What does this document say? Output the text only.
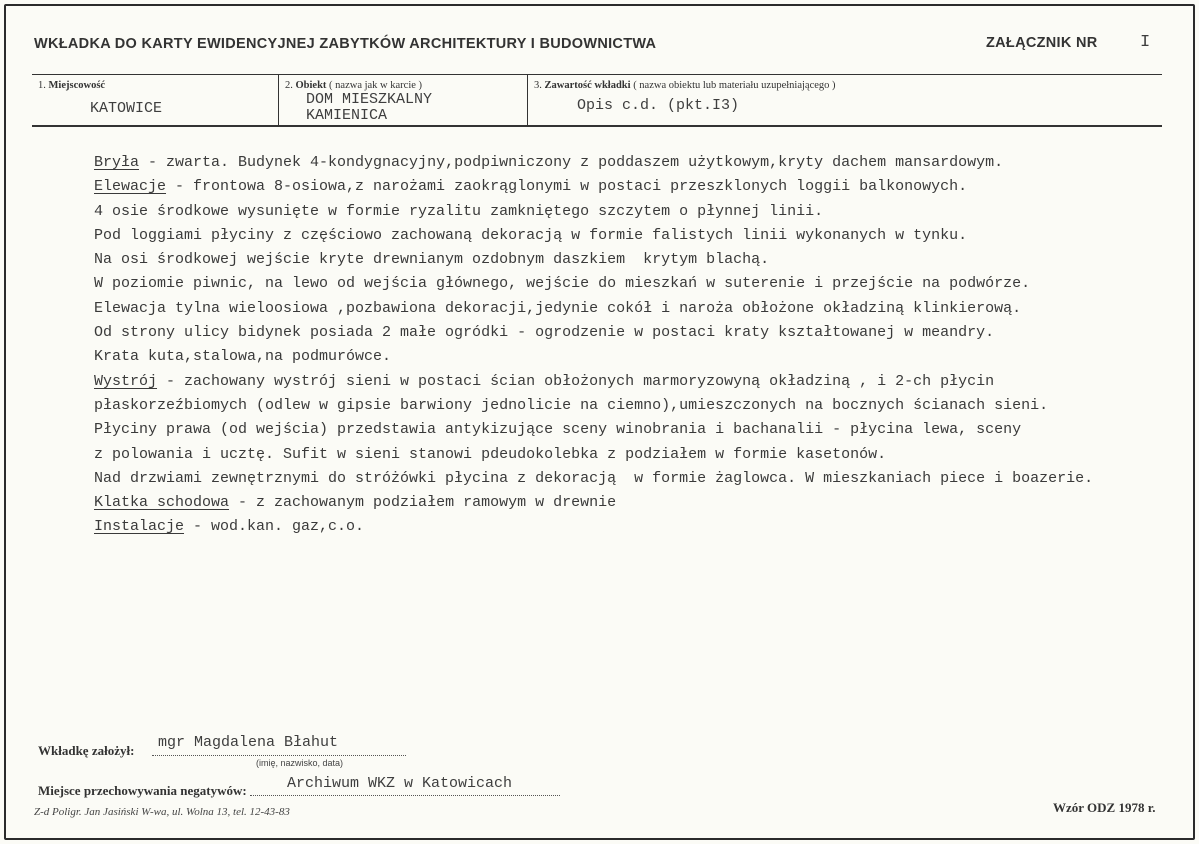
WKŁADKA DO KARTY EWIDENCYJNEJ ZABYTKÓW ARCHITEKTURY I BUDOWNICTWA	ZAŁĄCZNIK NR I
1. Miejscowość
KATOWICE
2. Obiekt ( nazwa jak w karcie )
DOM MIESZKALNY
KAMIENICA
3. Zawartość wkładki ( nazwa obiektu lub materiału uzupełniającego )
Opis c.d. (pkt.I3)
Bryła - zwarta. Budynek 4-kondygnacyjny,podpiwniczony z poddaszem użytkowym,kryty dachem mansardowym.
Elewacje - frontowa 8-osiowa,z narożami zaokrąglonymi w postaci przeszklonych loggii balkonowych.
4 osie środkowe wysunięte w formie ryzalitu zamkniętego szczytem o płynnej linii.
Pod loggiami płyciny z częściowo zachowaną dekoracją w formie falistych linii wykonanych w tynku.
Na osi środkowej wejście kryte drewnianym ozdobnym daszkiem  krytym blachą.
W poziomie piwnic, na lewo od wejścia głównego, wejście do mieszkań w suterenie i przejście na podwórze.
Elewacja tylna wieloosiowa ,pozbawiona dekoracji,jedynie cokół i naroża obłożone okładziną klinkierową.
Od strony ulicy bidynek posiada 2 małe ogródki - ogrodzenie w postaci kraty kształtowanej w meandry.
Krata kuta,stalowa,na podmurówce.
Wystrój - zachowany wystrój sieni w postaci ścian obłożonych marmoryzowyną okładziną , i 2-ch płycin
płaskorzeźbiomych (odlew w gipsie barwiony jednolicie na ciemno),umieszczonych na bocznych ścianach sieni.
Płyciny prawa (od wejścia) przedstawia antykizujące sceny winobrania i bachanalii - płycina lewa, sceny
z polowania i ucztę. Sufit w sieni stanowi pdeudokolebka z podziałem w formie kasetonów.
Nad drzwiami zewnętrznymi do stróżówki płycina z dekoracją  w formie żaglowca. W mieszkaniach piece i boazerie.
Klatka schodowa - z zachowanym podziałem ramowym w drewnie
Instalacje - wod.kan. gaz,c.o.
Wkładkę założył: mgr Magdalena Błahut
(imię, nazwisko, data)
Miejsce przechowywania negatywów:	Archiwum WKZ w Katowicach
Z-d Poligr. Jan Jasiński W-wa, ul. Wolna 13, tel. 12-43-83	Wzór ODZ 1978 r.
